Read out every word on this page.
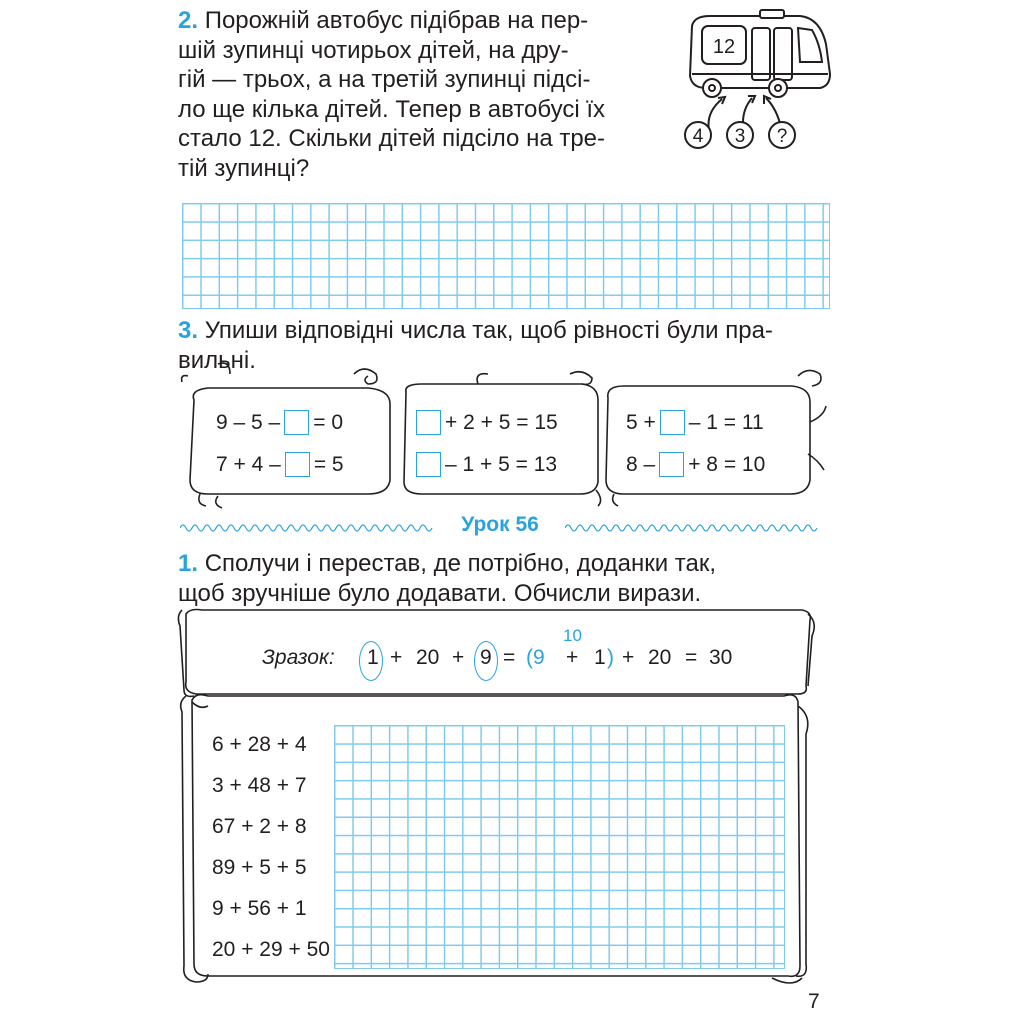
2. Порожній автобус підібрав на пер-
шій зупинці чотирьох дітей, на дру-
гій — трьох, а на третій зупинці підсі-
ло ще кілька дітей. Тепер в автобусі їх
стало 12. Скільки дітей підсіло на тре-
тій зупинці?
12
4 3 ?
3. Упиши відповідні числа так, щоб рівності були пра-
вильні.
9 – 5 – = 0
7 + 4 – = 5
+ 2 + 5 = 15
– 1 + 5 = 13
5 + – 1 = 11
8 – + 8 = 10
Урок 56
1. Сполучи і перестав, де потрібно, доданки так,
щоб зручніше було додавати. Обчисли вирази.
Зразок: 1 + 20 + 9 = (9 + 1 ) + 20 = 30
10
6 + 28 + 4
3 + 48 + 7
67 + 2 + 8
89 + 5 + 5
9 + 56 + 1
20 + 29 + 50
7
